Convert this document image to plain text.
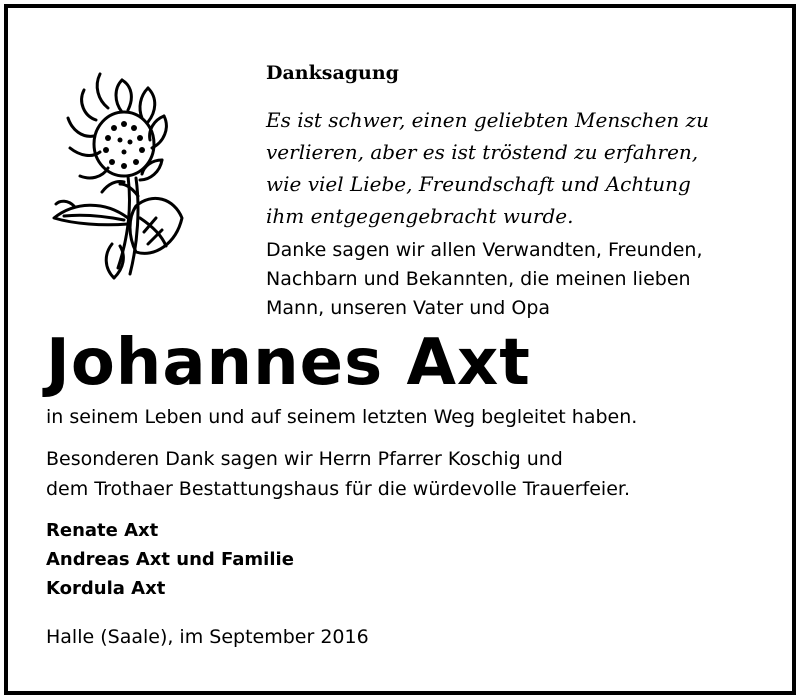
Danksagung

Es ist schwer, einen geliebten Menschen zu
verlieren, aber es ist tröstend zu erfahren,
wie viel Liebe, Freundschaft und Achtung
ihm entgegengebracht wurde.

Danke sagen wir allen Verwandten, Freunden,
Nachbarn und Bekannten, die meinen lieben
Mann, unseren Vater und Opa

Johannes Axt

in seinem Leben und auf seinem letzten Weg begleitet haben.

Besonderen Dank sagen wir Herrn Pfarrer Koschig und
dem Trothaer Bestattungshaus für die würdevolle Trauerfeier.

Renate Axt
Andreas Axt und Familie
Kordula Axt

Halle (Saale), im September 2016
